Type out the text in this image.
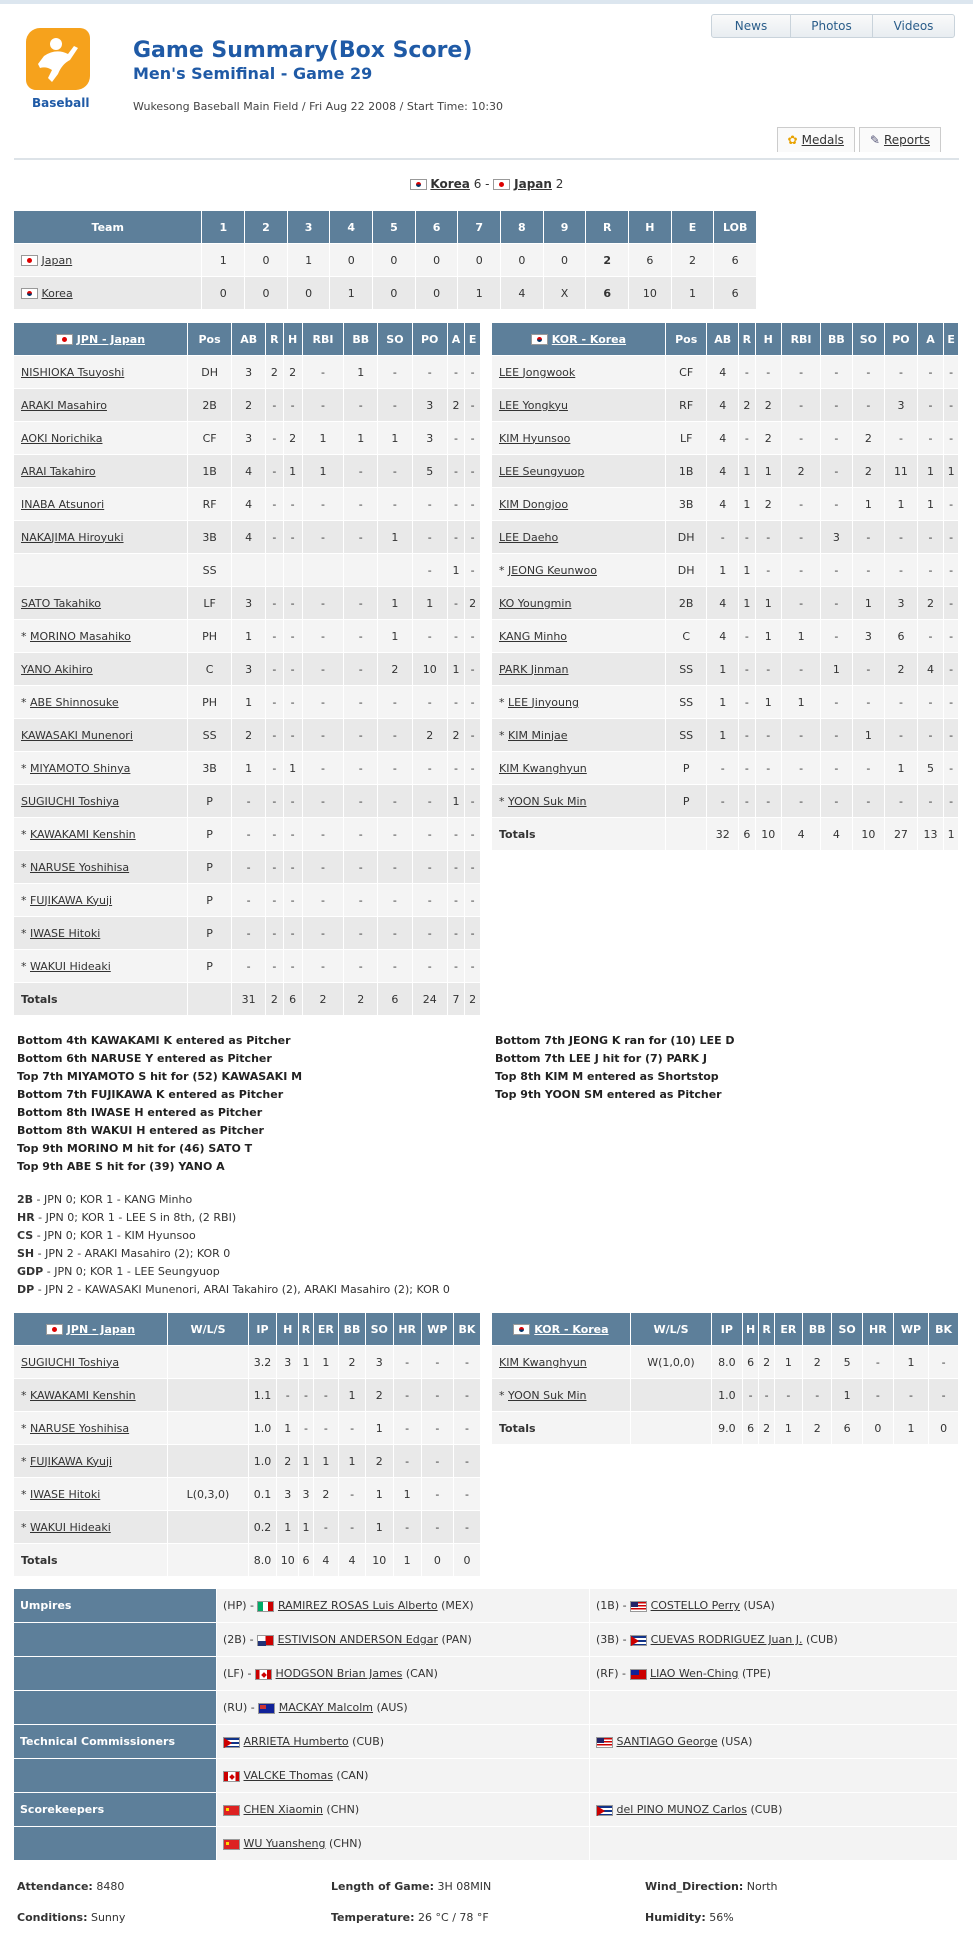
News	Photos	Videos
Baseball
Game Summary(Box Score)
Men's Semifinal - Game 29
Wukesong Baseball Main Field / Fri Aug 22 2008 / Start Time: 10:30
✿ Medals ✎ Reports
Korea 6 -  Japan 2
Team	1	2	3	4	5	6	7	8	9	R	H	E	LOB
Japan	1	0	1	0	0	0	0	0	0	2	6	2	6
Korea	0	0	0	1	0	0	1	4	X	6	10	1	6
JPN - Japan	Pos	AB	R	H	RBI	BB	SO	PO	A	E
NISHIOKA Tsuyoshi	DH	3	2	2	-	1	-	-	-	-
ARAKI Masahiro	2B	2	-	-	-	-	-	3	2	-
AOKI Norichika	CF	3	-	2	1	1	1	3	-	-
ARAI Takahiro	1B	4	-	1	1	-	-	5	-	-
INABA Atsunori	RF	4	-	-	-	-	-	-	-	-
NAKAJIMA Hiroyuki	3B	4	-	-	-	-	1	-	-	-
	SS							-	1	-
SATO Takahiko	LF	3	-	-	-	-	1	1	-	2
* MORINO Masahiko	PH	1	-	-	-	-	1	-	-	-
YANO Akihiro	C	3	-	-	-	-	2	10	1	-
* ABE Shinnosuke	PH	1	-	-	-	-	-	-	-	-
KAWASAKI Munenori	SS	2	-	-	-	-	-	2	2	-
* MIYAMOTO Shinya	3B	1	-	1	-	-	-	-	-	-
SUGIUCHI Toshiya	P	-	-	-	-	-	-	-	1	-
* KAWAKAMI Kenshin	P	-	-	-	-	-	-	-	-	-
* NARUSE Yoshihisa	P	-	-	-	-	-	-	-	-	-
* FUJIKAWA Kyuji	P	-	-	-	-	-	-	-	-	-
* IWASE Hitoki	P	-	-	-	-	-	-	-	-	-
* WAKUI Hideaki	P	-	-	-	-	-	-	-	-	-
Totals		31	2	6	2	2	6	24	7	2
KOR - Korea	Pos	AB	R	H	RBI	BB	SO	PO	A	E
LEE Jongwook	CF	4	-	-	-	-	-	-	-	-
LEE Yongkyu	RF	4	2	2	-	-	-	3	-	-
KIM Hyunsoo	LF	4	-	2	-	-	2	-	-	-
LEE Seungyuop	1B	4	1	1	2	-	2	11	1	1
KIM Dongjoo	3B	4	1	2	-	-	1	1	1	-
LEE Daeho	DH	-	-	-	-	3	-	-	-	-
* JEONG Keunwoo	DH	1	1	-	-	-	-	-	-	-
KO Youngmin	2B	4	1	1	-	-	1	3	2	-
KANG Minho	C	4	-	1	1	-	3	6	-	-
PARK Jinman	SS	1	-	-	-	1	-	2	4	-
* LEE Jinyoung	SS	1	-	1	1	-	-	-	-	-
* KIM Minjae	SS	1	-	-	-	-	1	-	-	-
KIM Kwanghyun	P	-	-	-	-	-	-	1	5	-
* YOON Suk Min	P	-	-	-	-	-	-	-	-	-
Totals		32	6	10	4	4	10	27	13	1
Bottom 4th KAWAKAMI K entered as Pitcher
Bottom 6th NARUSE Y entered as Pitcher
Top 7th MIYAMOTO S hit for (52) KAWASAKI M
Bottom 7th FUJIKAWA K entered as Pitcher
Bottom 8th IWASE H entered as Pitcher
Bottom 8th WAKUI H entered as Pitcher
Top 9th MORINO M hit for (46) SATO T
Top 9th ABE S hit for (39) YANO A
Bottom 7th JEONG K ran for (10) LEE D
Bottom 7th LEE J hit for (7) PARK J
Top 8th KIM M entered as Shortstop
Top 9th YOON SM entered as Pitcher
2B - JPN 0; KOR 1 - KANG Minho
HR - JPN 0; KOR 1 - LEE S in 8th, (2 RBI)
CS - JPN 0; KOR 1 - KIM Hyunsoo
SH - JPN 2 - ARAKI Masahiro (2); KOR 0
GDP - JPN 0; KOR 1 - LEE Seungyuop
DP - JPN 2 - KAWASAKI Munenori, ARAI Takahiro (2), ARAKI Masahiro (2); KOR 0
JPN - Japan	W/L/S	IP	H	R	ER	BB	SO	HR	WP	BK
SUGIUCHI Toshiya		3.2	3	1	1	2	3	-	-	-
* KAWAKAMI Kenshin		1.1	-	-	-	1	2	-	-	-
* NARUSE Yoshihisa		1.0	1	-	-	-	1	-	-	-
* FUJIKAWA Kyuji		1.0	2	1	1	1	2	-	-	-
* IWASE Hitoki	L(0,3,0)	0.1	3	3	2	-	1	1	-	-
* WAKUI Hideaki		0.2	1	1	-	-	1	-	-	-
Totals		8.0	10	6	4	4	10	1	0	0
KOR - Korea	W/L/S	IP	H	R	ER	BB	SO	HR	WP	BK
KIM Kwanghyun	W(1,0,0)	8.0	6	2	1	2	5	-	1	-
* YOON Suk Min		1.0	-	-	-	-	1	-	-	-
Totals		9.0	6	2	1	2	6	0	1	0
Umpires	(HP) -  RAMIREZ ROSAS Luis Alberto (MEX)	(1B) -  COSTELLO Perry (USA)
	(2B) -  ESTIVISON ANDERSON Edgar (PAN)	(3B) -  CUEVAS RODRIGUEZ Juan J. (CUB)
	(LF) -  HODGSON Brian James (CAN)	(RF) -  LIAO Wen-Ching (TPE)
	(RU) -  MACKAY Malcolm (AUS)	
Technical Commissioners	ARRIETA Humberto (CUB)	SANTIAGO George (USA)
	VALCKE Thomas (CAN)	
Scorekeepers	CHEN Xiaomin (CHN)	del PINO MUNOZ Carlos (CUB)
	WU Yuansheng (CHN)	
Attendance: 8480	Length of Game: 3H 08MIN	Wind_Direction: North
Conditions: Sunny	Temperature: 26 °C / 78 °F	Humidity: 56%
